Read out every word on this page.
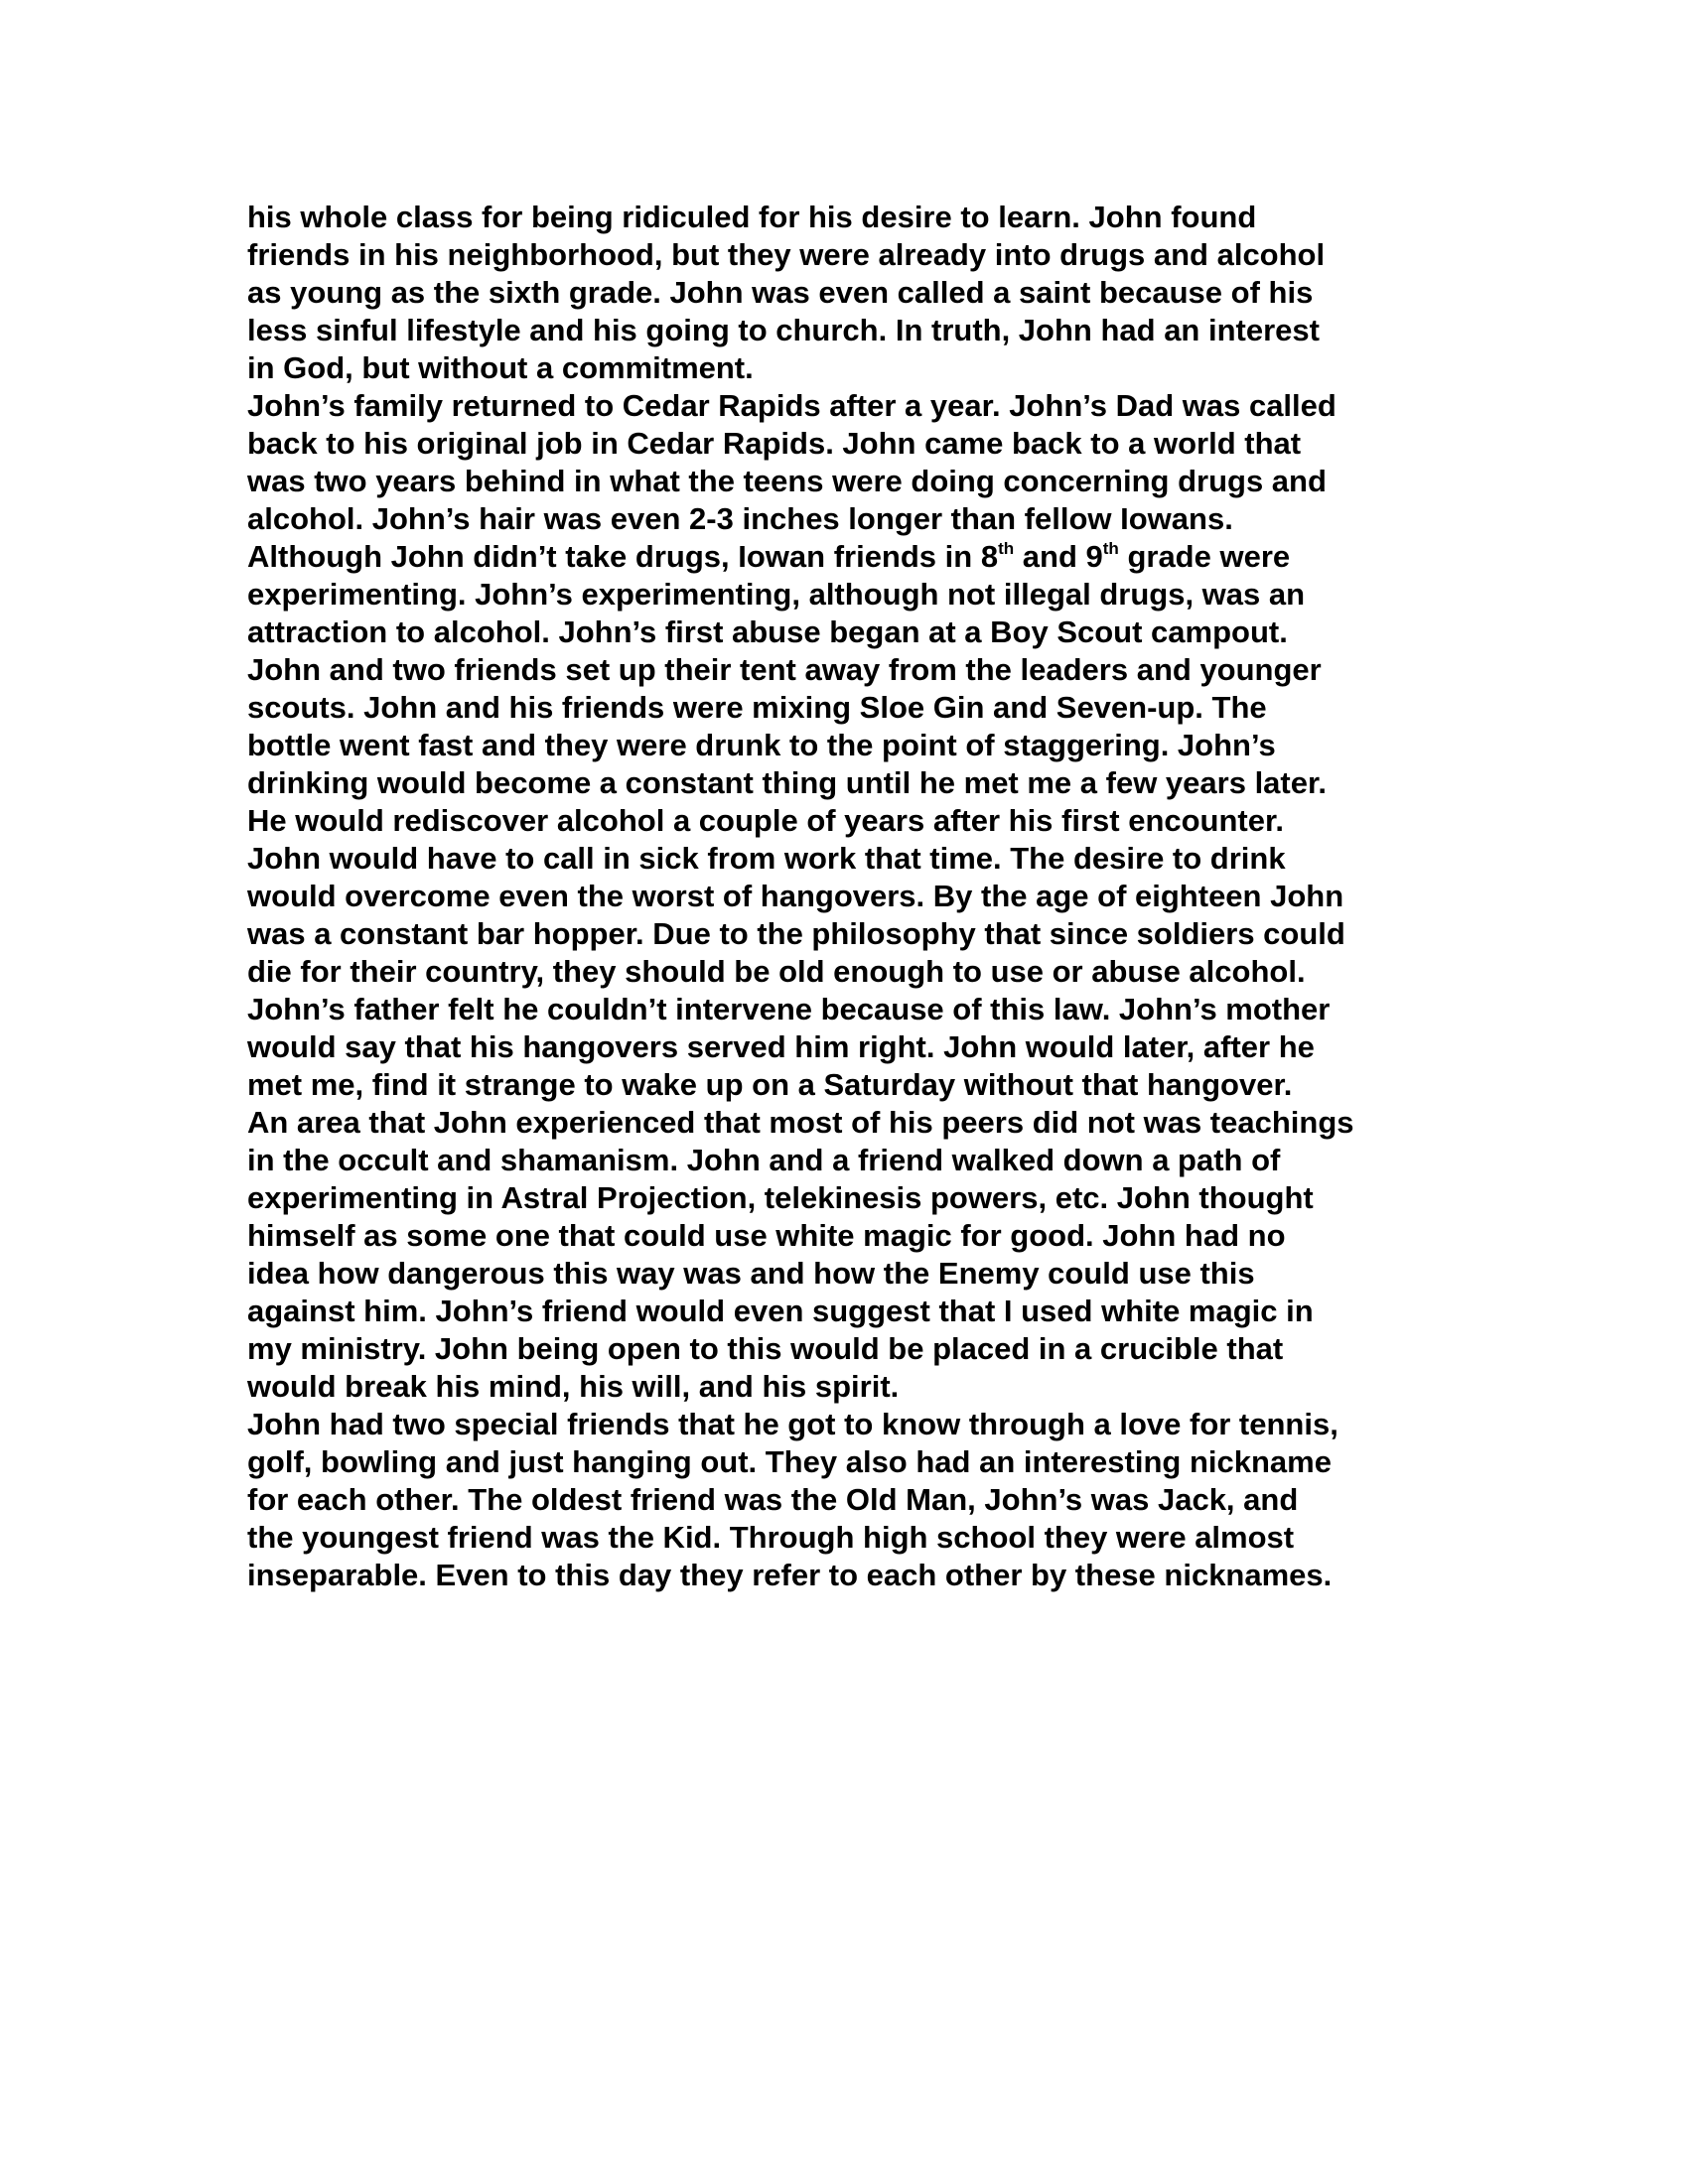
his whole class for being ridiculed for his desire to learn. John found
friends in his neighborhood, but they were already into drugs and alcohol
as young as the sixth grade. John was even called a saint because of his
less sinful lifestyle and his going to church. In truth, John had an interest
in God, but without a commitment.
John’s family returned to Cedar Rapids after a year. John’s Dad was called
back to his original job in Cedar Rapids. John came back to a world that
was two years behind in what the teens were doing concerning drugs and
alcohol. John’s hair was even 2-3 inches longer than fellow Iowans.
Although John didn’t take drugs, Iowan friends in 8th and 9th grade were
experimenting. John’s experimenting, although not illegal drugs, was an
attraction to alcohol. John’s first abuse began at a Boy Scout campout.
John and two friends set up their tent away from the leaders and younger
scouts. John and his friends were mixing Sloe Gin and Seven-up. The
bottle went fast and they were drunk to the point of staggering. John’s
drinking would become a constant thing until he met me a few years later.
He would rediscover alcohol a couple of years after his first encounter.
John would have to call in sick from work that time. The desire to drink
would overcome even the worst of hangovers. By the age of eighteen John
was a constant bar hopper. Due to the philosophy that since soldiers could
die for their country, they should be old enough to use or abuse alcohol.
John’s father felt he couldn’t intervene because of this law. John’s mother
would say that his hangovers served him right. John would later, after he
met me, find it strange to wake up on a Saturday without that hangover.
An area that John experienced that most of his peers did not was teachings
in the occult and shamanism. John and a friend walked down a path of
experimenting in Astral Projection, telekinesis powers, etc. John thought
himself as some one that could use white magic for good. John had no
idea how dangerous this way was and how the Enemy could use this
against him. John’s friend would even suggest that I used white magic in
my ministry. John being open to this would be placed in a crucible that
would break his mind, his will, and his spirit.
John had two special friends that he got to know through a love for tennis,
golf, bowling and just hanging out. They also had an interesting nickname
for each other. The oldest friend was the Old Man, John’s was Jack, and
the youngest friend was the Kid. Through high school they were almost
inseparable. Even to this day they refer to each other by these nicknames.
